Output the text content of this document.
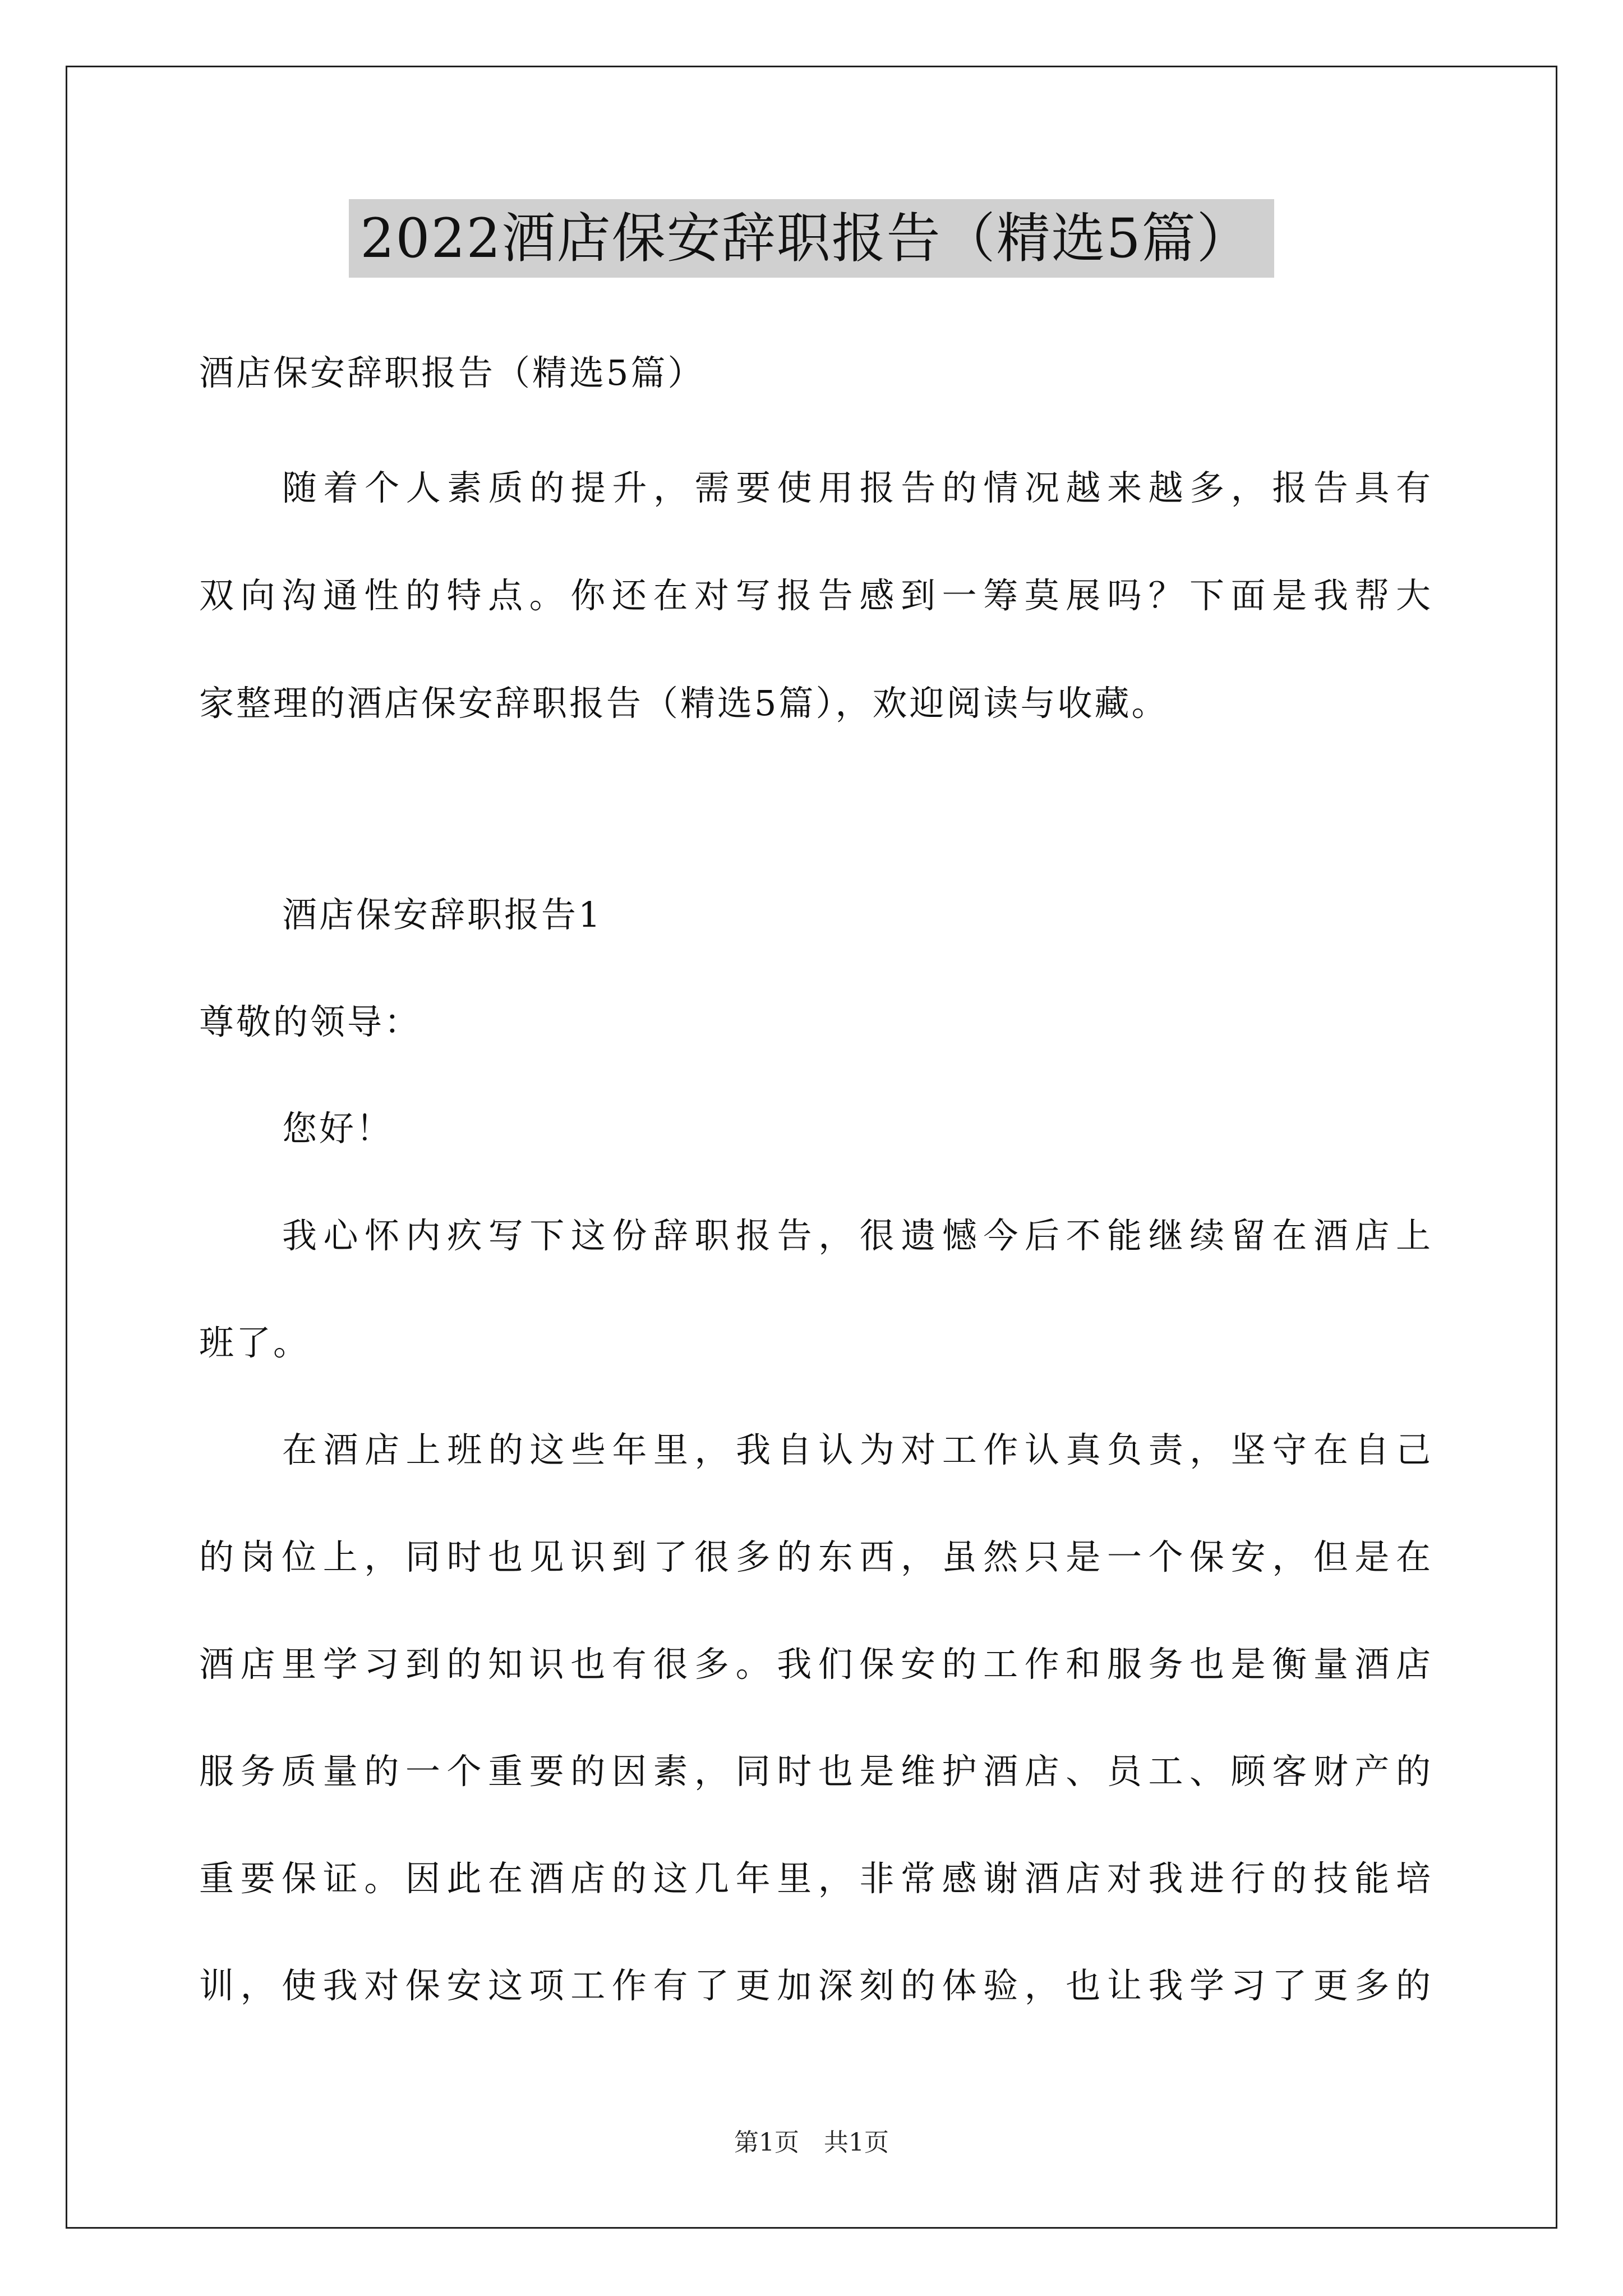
2022酒店保安辞职报告（精选5篇）
酒店保安辞职报告（精选5篇）
随着个人素质的提升，需要使用报告的情况越来越多，报告具有
双向沟通性的特点。你还在对写报告感到一筹莫展吗？下面是我帮大
家整理的酒店保安辞职报告（精选5篇），欢迎阅读与收藏。
酒店保安辞职报告1
尊敬的领导：
您好！
我心怀内疚写下这份辞职报告，很遗憾今后不能继续留在酒店上
班了。
在酒店上班的这些年里，我自认为对工作认真负责，坚守在自己
的岗位上，同时也见识到了很多的东西，虽然只是一个保安，但是在
酒店里学习到的知识也有很多。我们保安的工作和服务也是衡量酒店
服务质量的一个重要的因素，同时也是维护酒店、员工、顾客财产的
重要保证。因此在酒店的这几年里，非常感谢酒店对我进行的技能培
训，使我对保安这项工作有了更加深刻的体验，也让我学习了更多的
第1页　共1页
